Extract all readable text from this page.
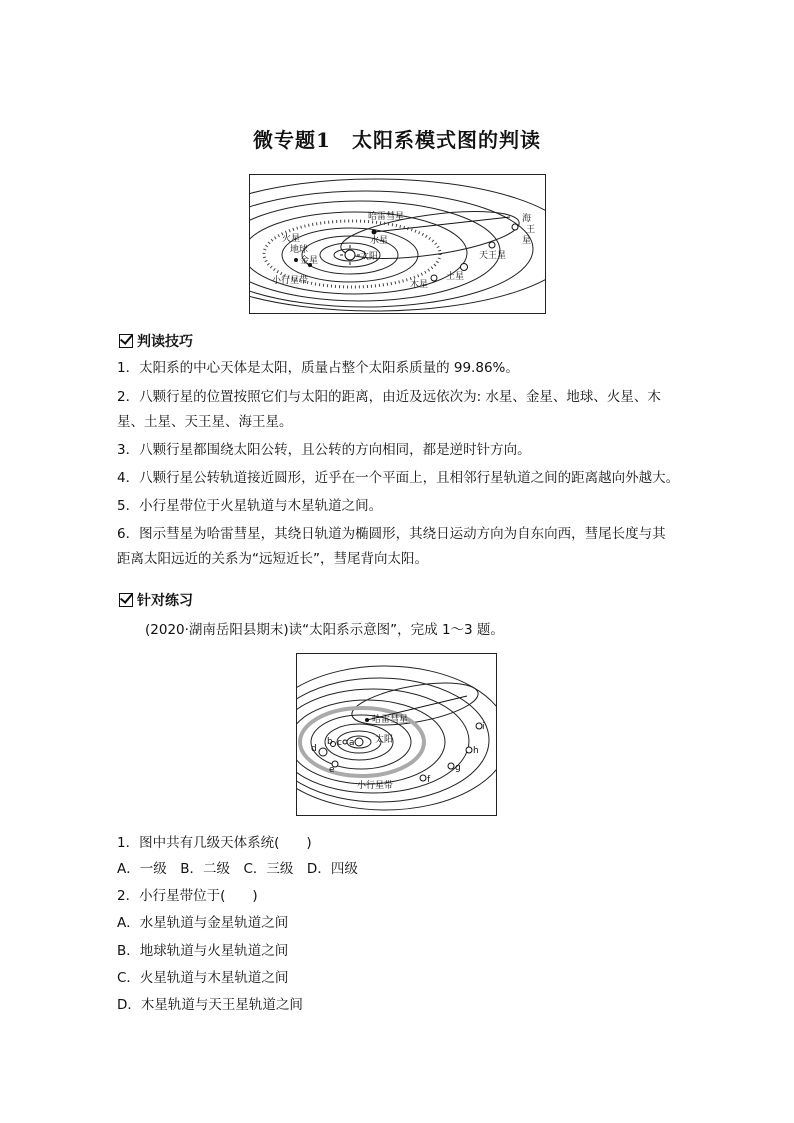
微专题1　太阳系模式图的判读
哈雷彗星	海
王
星
火星
地球
水星
金星	太阳	天王星
土星
木星
小行星带
判读技巧
1．太阳系的中心天体是太阳，质量占整个太阳系质量的 99.86%。
2．八颗行星的位置按照它们与太阳的距离，由近及远依次为: 水星、金星、地球、火星、木
星、土星、天王星、海王星。
3．八颗行星都围绕太阳公转，且公转的方向相同，都是逆时针方向。
4．八颗行星公转轨道接近圆形，近乎在一个平面上，且相邻行星轨道之间的距离越向外越大。
5．小行星带位于火星轨道与木星轨道之间。
6．图示彗星为哈雷彗星，其绕日轨道为椭圆形，其绕日运动方向为自东向西，彗尾长度与其
距离太阳远近的关系为“远短近长”，彗尾背向太阳。
针对练习
(2020·湖南岳阳县期末)读“太阳系示意图”，完成 1～3 题。
哈雷彗星
太阳
小行星带
a
b c
d
e
f
g
h
i
1．图中共有几级天体系统(　　)
A．一级　B．二级　C．三级　D．四级
2．小行星带位于(　　)
A．水星轨道与金星轨道之间
B．地球轨道与火星轨道之间
C．火星轨道与木星轨道之间
D．木星轨道与天王星轨道之间
